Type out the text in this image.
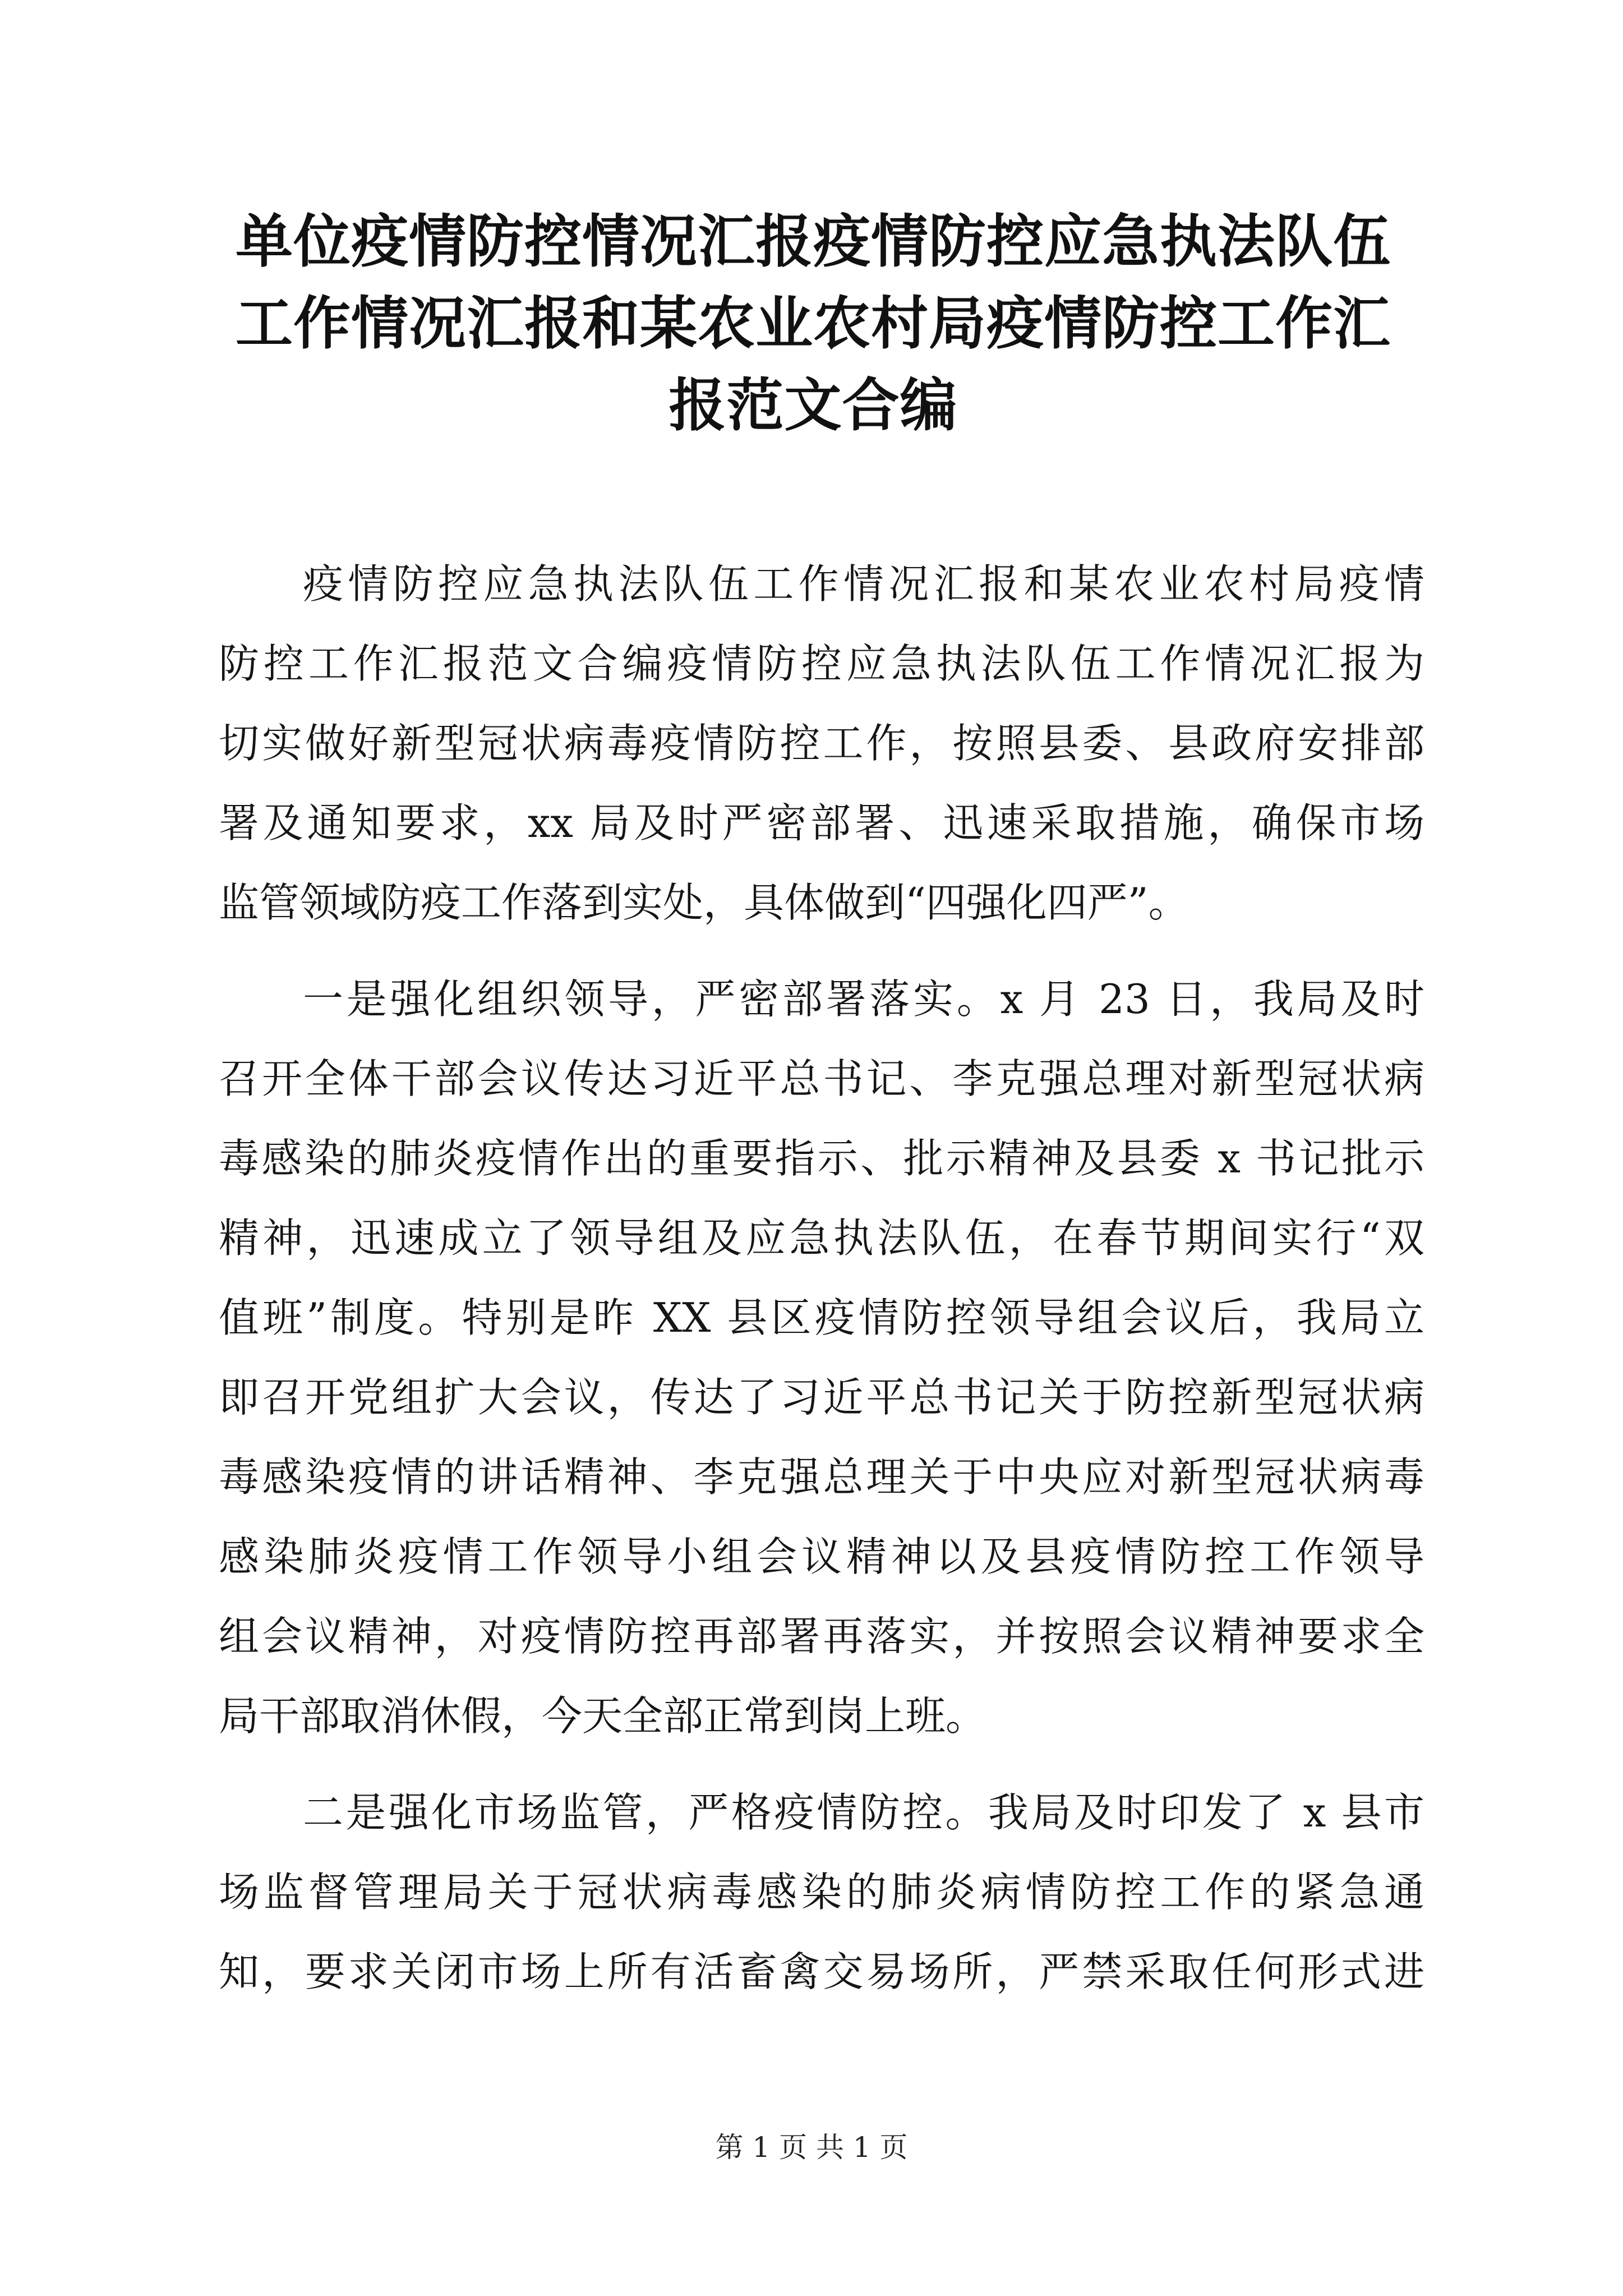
单位疫情防控情况汇报疫情防控应急执法队伍
工作情况汇报和某农业农村局疫情防控工作汇
报范文合编
疫情防控应急执法队伍工作情况汇报和某农业农村局疫情
防控工作汇报范文合编疫情防控应急执法队伍工作情况汇报为
切实做好新型冠状病毒疫情防控工作，按照县委、县政府安排部
署及通知要求，xx 局及时严密部署、迅速采取措施，确保市场
监管领域防疫工作落到实处，具体做到“四强化四严”。
一是强化组织领导，严密部署落实。x 月 23 日，我局及时
召开全体干部会议传达习近平总书记、李克强总理对新型冠状病
毒感染的肺炎疫情作出的重要指示、批示精神及县委 x 书记批示
精神，迅速成立了领导组及应急执法队伍，在春节期间实行“双
值班”制度。特别是昨 XX 县区疫情防控领导组会议后，我局立
即召开党组扩大会议，传达了习近平总书记关于防控新型冠状病
毒感染疫情的讲话精神、李克强总理关于中央应对新型冠状病毒
感染肺炎疫情工作领导小组会议精神以及县疫情防控工作领导
组会议精神，对疫情防控再部署再落实，并按照会议精神要求全
局干部取消休假，今天全部正常到岗上班。
二是强化市场监管，严格疫情防控。我局及时印发了 x 县市
场监督管理局关于冠状病毒感染的肺炎病情防控工作的紧急通
知，要求关闭市场上所有活畜禽交易场所，严禁采取任何形式进
第 1 页 共 1 页
